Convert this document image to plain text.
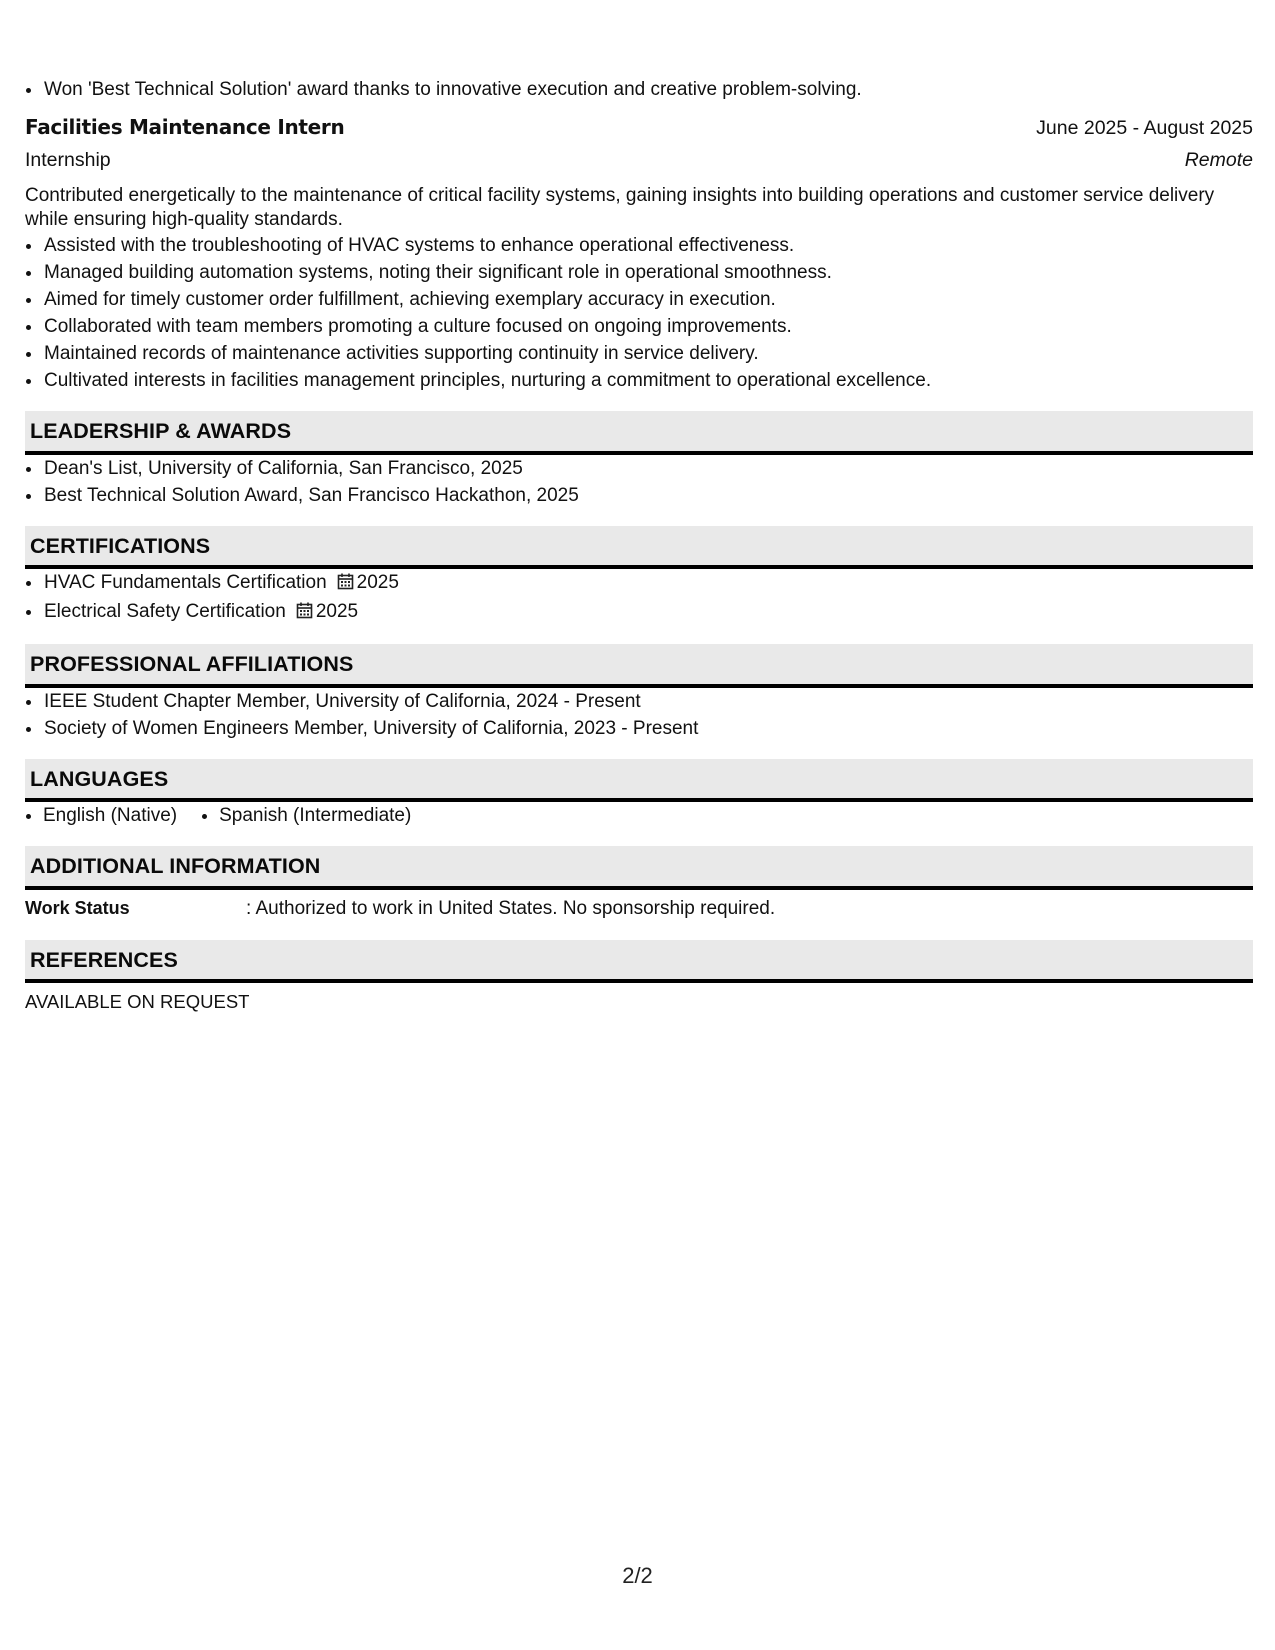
• Won 'Best Technical Solution' award thanks to innovative execution and creative problem-solving.
Facilities Maintenance Intern	June 2025 - August 2025
Internship	Remote
Contributed energetically to the maintenance of critical facility systems, gaining insights into building operations and customer service delivery while ensuring high-quality standards.
• Assisted with the troubleshooting of HVAC systems to enhance operational effectiveness.
• Managed building automation systems, noting their significant role in operational smoothness.
• Aimed for timely customer order fulfillment, achieving exemplary accuracy in execution.
• Collaborated with team members promoting a culture focused on ongoing improvements.
• Maintained records of maintenance activities supporting continuity in service delivery.
• Cultivated interests in facilities management principles, nurturing a commitment to operational excellence.
LEADERSHIP & AWARDS
• Dean's List, University of California, San Francisco, 2025
• Best Technical Solution Award, San Francisco Hackathon, 2025
CERTIFICATIONS
• HVAC Fundamentals Certification 2025
• Electrical Safety Certification 2025
PROFESSIONAL AFFILIATIONS
• IEEE Student Chapter Member, University of California, 2024 - Present
• Society of Women Engineers Member, University of California, 2023 - Present
LANGUAGES
• English (Native)
• Spanish (Intermediate)
ADDITIONAL INFORMATION
Work Status	: Authorized to work in United States. No sponsorship required.
REFERENCES
AVAILABLE ON REQUEST
2/2
